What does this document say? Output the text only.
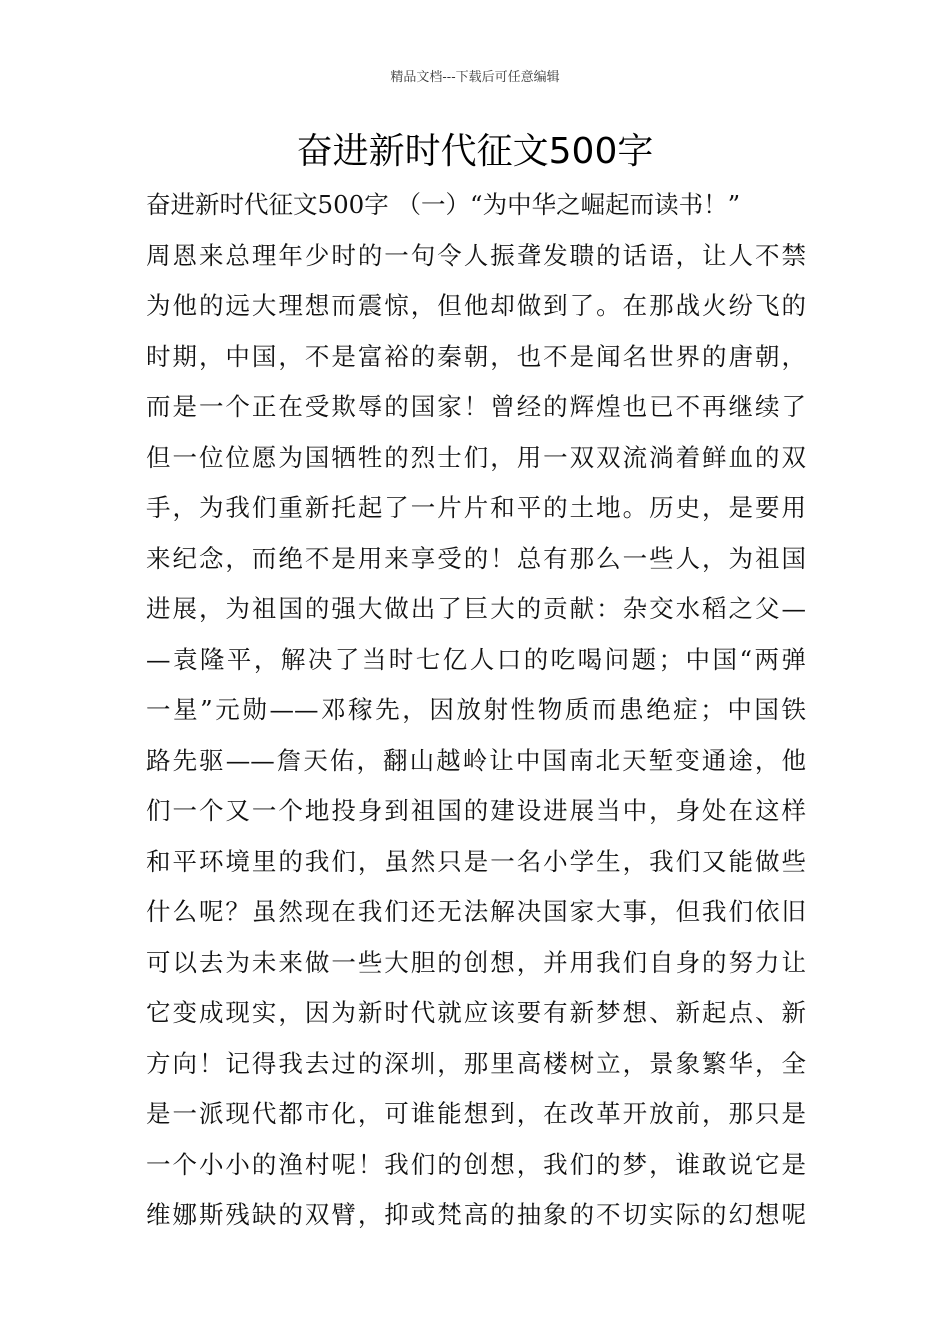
精品文档---下载后可任意编辑
奋进新时代征文500字
奋进新时代征文500字 （一）“为中华之崛起而读书！”
周恩来总理年少时的一句令人振聋发聩的话语，让人不禁
为他的远大理想而震惊，但他却做到了。在那战火纷飞的
时期，中国，不是富裕的秦朝，也不是闻名世界的唐朝，
而是一个正在受欺辱的国家！曾经的辉煌也已不再继续了
但一位位愿为国牺牲的烈士们，用一双双流淌着鲜血的双
手，为我们重新托起了一片片和平的土地。历史，是要用
来纪念，而绝不是用来享受的！总有那么一些人，为祖国
进展，为祖国的强大做出了巨大的贡献：杂交水稻之父—
—袁隆平，解决了当时七亿人口的吃喝问题；中国“两弹
一星”元勋——邓稼先，因放射性物质而患绝症；中国铁
路先驱——詹天佑，翻山越岭让中国南北天堑变通途，他
们一个又一个地投身到祖国的建设进展当中，身处在这样
和平环境里的我们，虽然只是一名小学生，我们又能做些
什么呢？虽然现在我们还无法解决国家大事，但我们依旧
可以去为未来做一些大胆的创想，并用我们自身的努力让
它变成现实，因为新时代就应该要有新梦想、新起点、新
方向！记得我去过的深圳，那里高楼树立，景象繁华，全
是一派现代都市化，可谁能想到，在改革开放前，那只是
一个小小的渔村呢！我们的创想，我们的梦，谁敢说它是
维娜斯残缺的双臂，抑或梵高的抽象的不切实际的幻想呢
